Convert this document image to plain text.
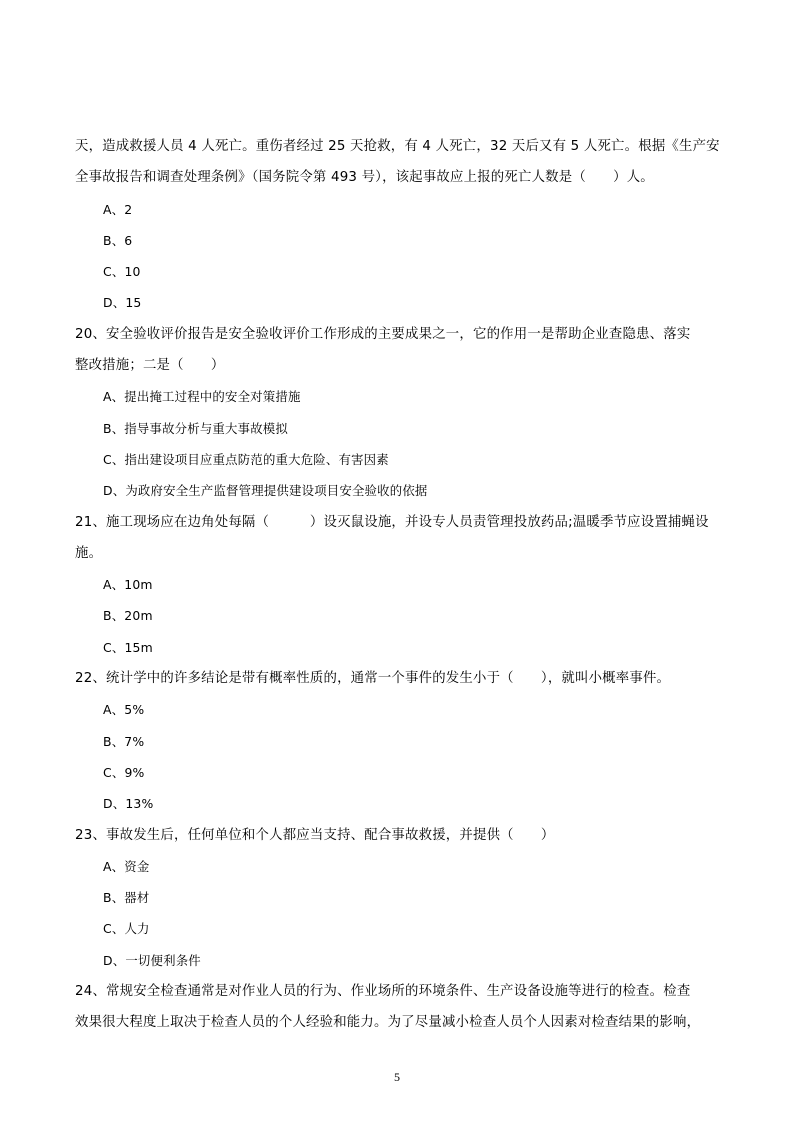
天，造成救援人员 4 人死亡。重伤者经过 25 天抢救，有 4 人死亡，32 天后又有 5 人死亡。根据《生产安
全事故报告和调查处理条例》（国务院令第 493 号），该起事故应上报的死亡人数是（　　）人。
A、2
B、6
C、10
D、15
20、安全验收评价报告是安全验收评价工作形成的主要成果之一，它的作用一是帮助企业查隐患、落实
整改措施；二是（　　）
A、提出掩工过程中的安全对策措施
B、指导事故分析与重大事故模拟
C、指出建设项目应重点防范的重大危险、有害因素
D、为政府安全生产监督管理提供建设项目安全验收的依据
21、施工现场应在边角处每隔（　　　）设灭鼠设施，并设专人员责管理投放药品;温暖季节应设置捕蝇设
施。
A、10m
B、20m
C、15m
22、统计学中的许多结论是带有概率性质的，通常一个事件的发生小于（　　），就叫小概率事件。
A、5%
B、7%
C、9%
D、13%
23、事故发生后，任何单位和个人都应当支持、配合事故救援，并提供（　　）
A、资金
B、器材
C、人力
D、一切便利条件
24、常规安全检查通常是对作业人员的行为、作业场所的环境条件、生产设备设施等进行的检查。检查
效果很大程度上取决于检查人员的个人经验和能力。为了尽量减小检查人员个人因素对检查结果的影响，
5
